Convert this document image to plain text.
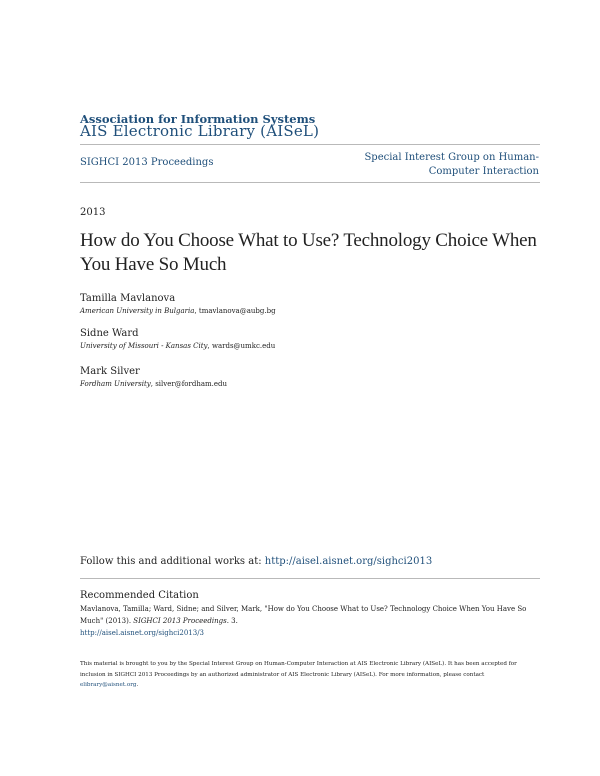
Association for Information Systems
AIS Electronic Library (AISeL)
SIGHCI 2013 Proceedings	Special Interest Group on Human-Computer Interaction
2013
How do You Choose What to Use? Technology Choice When You Have So Much
Tamilla Mavlanova
American University in Bulgaria, tmavlanova@aubg.bg
Sidne Ward
University of Missouri - Kansas City, wards@umkc.edu
Mark Silver
Fordham University, silver@fordham.edu
Follow this and additional works at: http://aisel.aisnet.org/sighci2013
Recommended Citation
Mavlanova, Tamilla; Ward, Sidne; and Silver, Mark, "How do You Choose What to Use? Technology Choice When You Have So Much" (2013). SIGHCI 2013 Proceedings. 3.
http://aisel.aisnet.org/sighci2013/3
This material is brought to you by the Special Interest Group on Human-Computer Interaction at AIS Electronic Library (AISeL). It has been accepted for inclusion in SIGHCI 2013 Proceedings by an authorized administrator of AIS Electronic Library (AISeL). For more information, please contact elibrary@aisnet.org.
